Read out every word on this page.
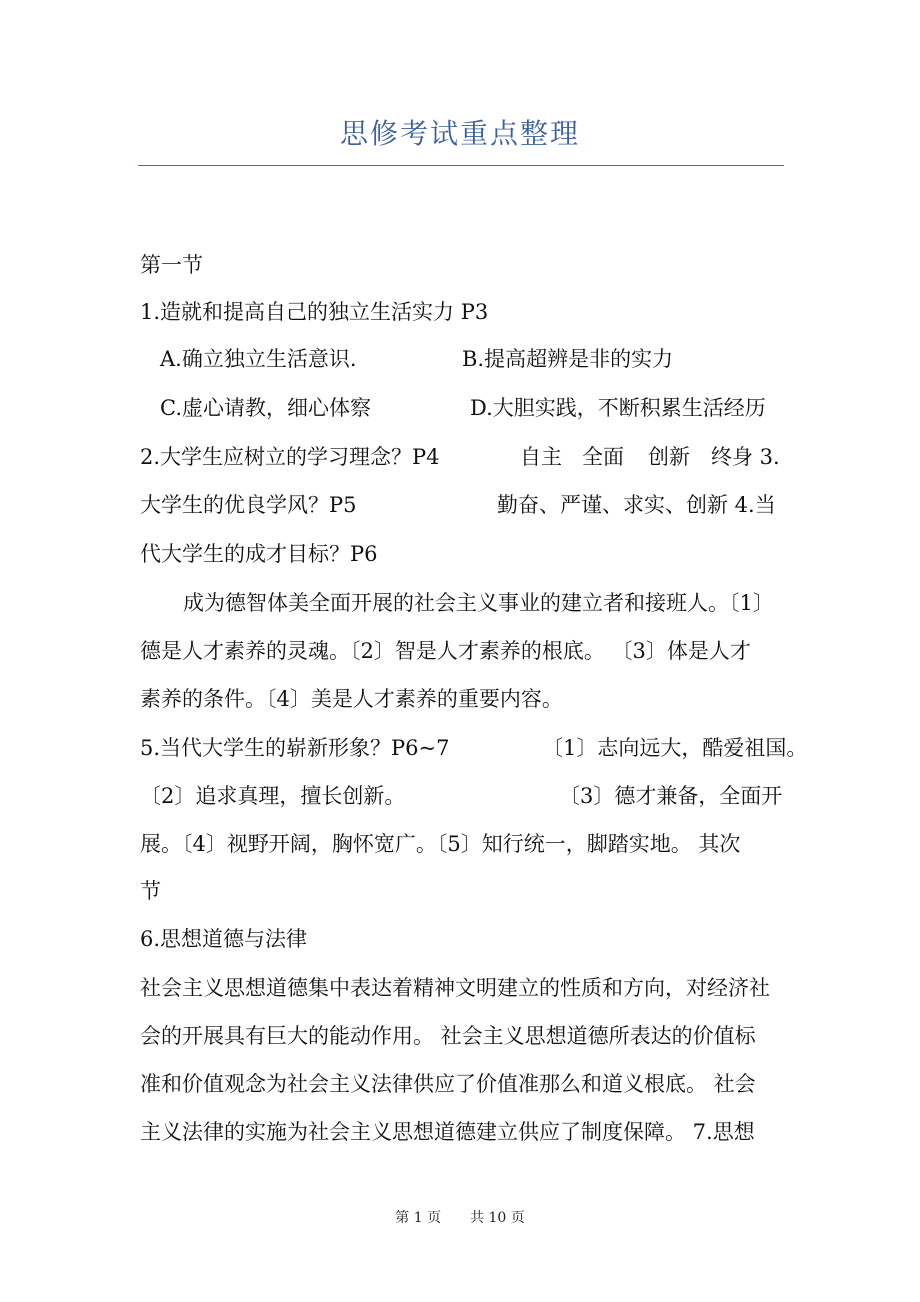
思修考试重点整理
第一节
1.造就和提高自己的独立生活实力 P3
A.确立独立生活意识.	B.提高超辨是非的实力
C.虚心请教，细心体察	D.大胆实践，不断积累生活经历
2.大学生应树立的学习理念？P4	自主 全面 创新 终身 3.
大学生的优良学风？P5	勤奋、严谨、求实、创新 4.当
代大学生的成才目标？P6
成为德智体美全面开展的社会主义事业的建立者和接班人。〔1〕
德是人才素养的灵魂。〔2〕智是人才素养的根底。 〔3〕体是人才
素养的条件。〔4〕美是人才素养的重要内容。
5.当代大学生的崭新形象？P6~7	〔1〕志向远大，酷爱祖国。
〔2〕追求真理，擅长创新。	〔3〕德才兼备，全面开
展。〔4〕视野开阔，胸怀宽广。〔5〕知行统一，脚踏实地。 其次
节
6.思想道德与法律
社会主义思想道德集中表达着精神文明建立的性质和方向，对经济社
会的开展具有巨大的能动作用。 社会主义思想道德所表达的价值标
准和价值观念为社会主义法律供应了价值准那么和道义根底。 社会
主义法律的实施为社会主义思想道德建立供应了制度保障。 7.思想
第 1 页 共 10 页
